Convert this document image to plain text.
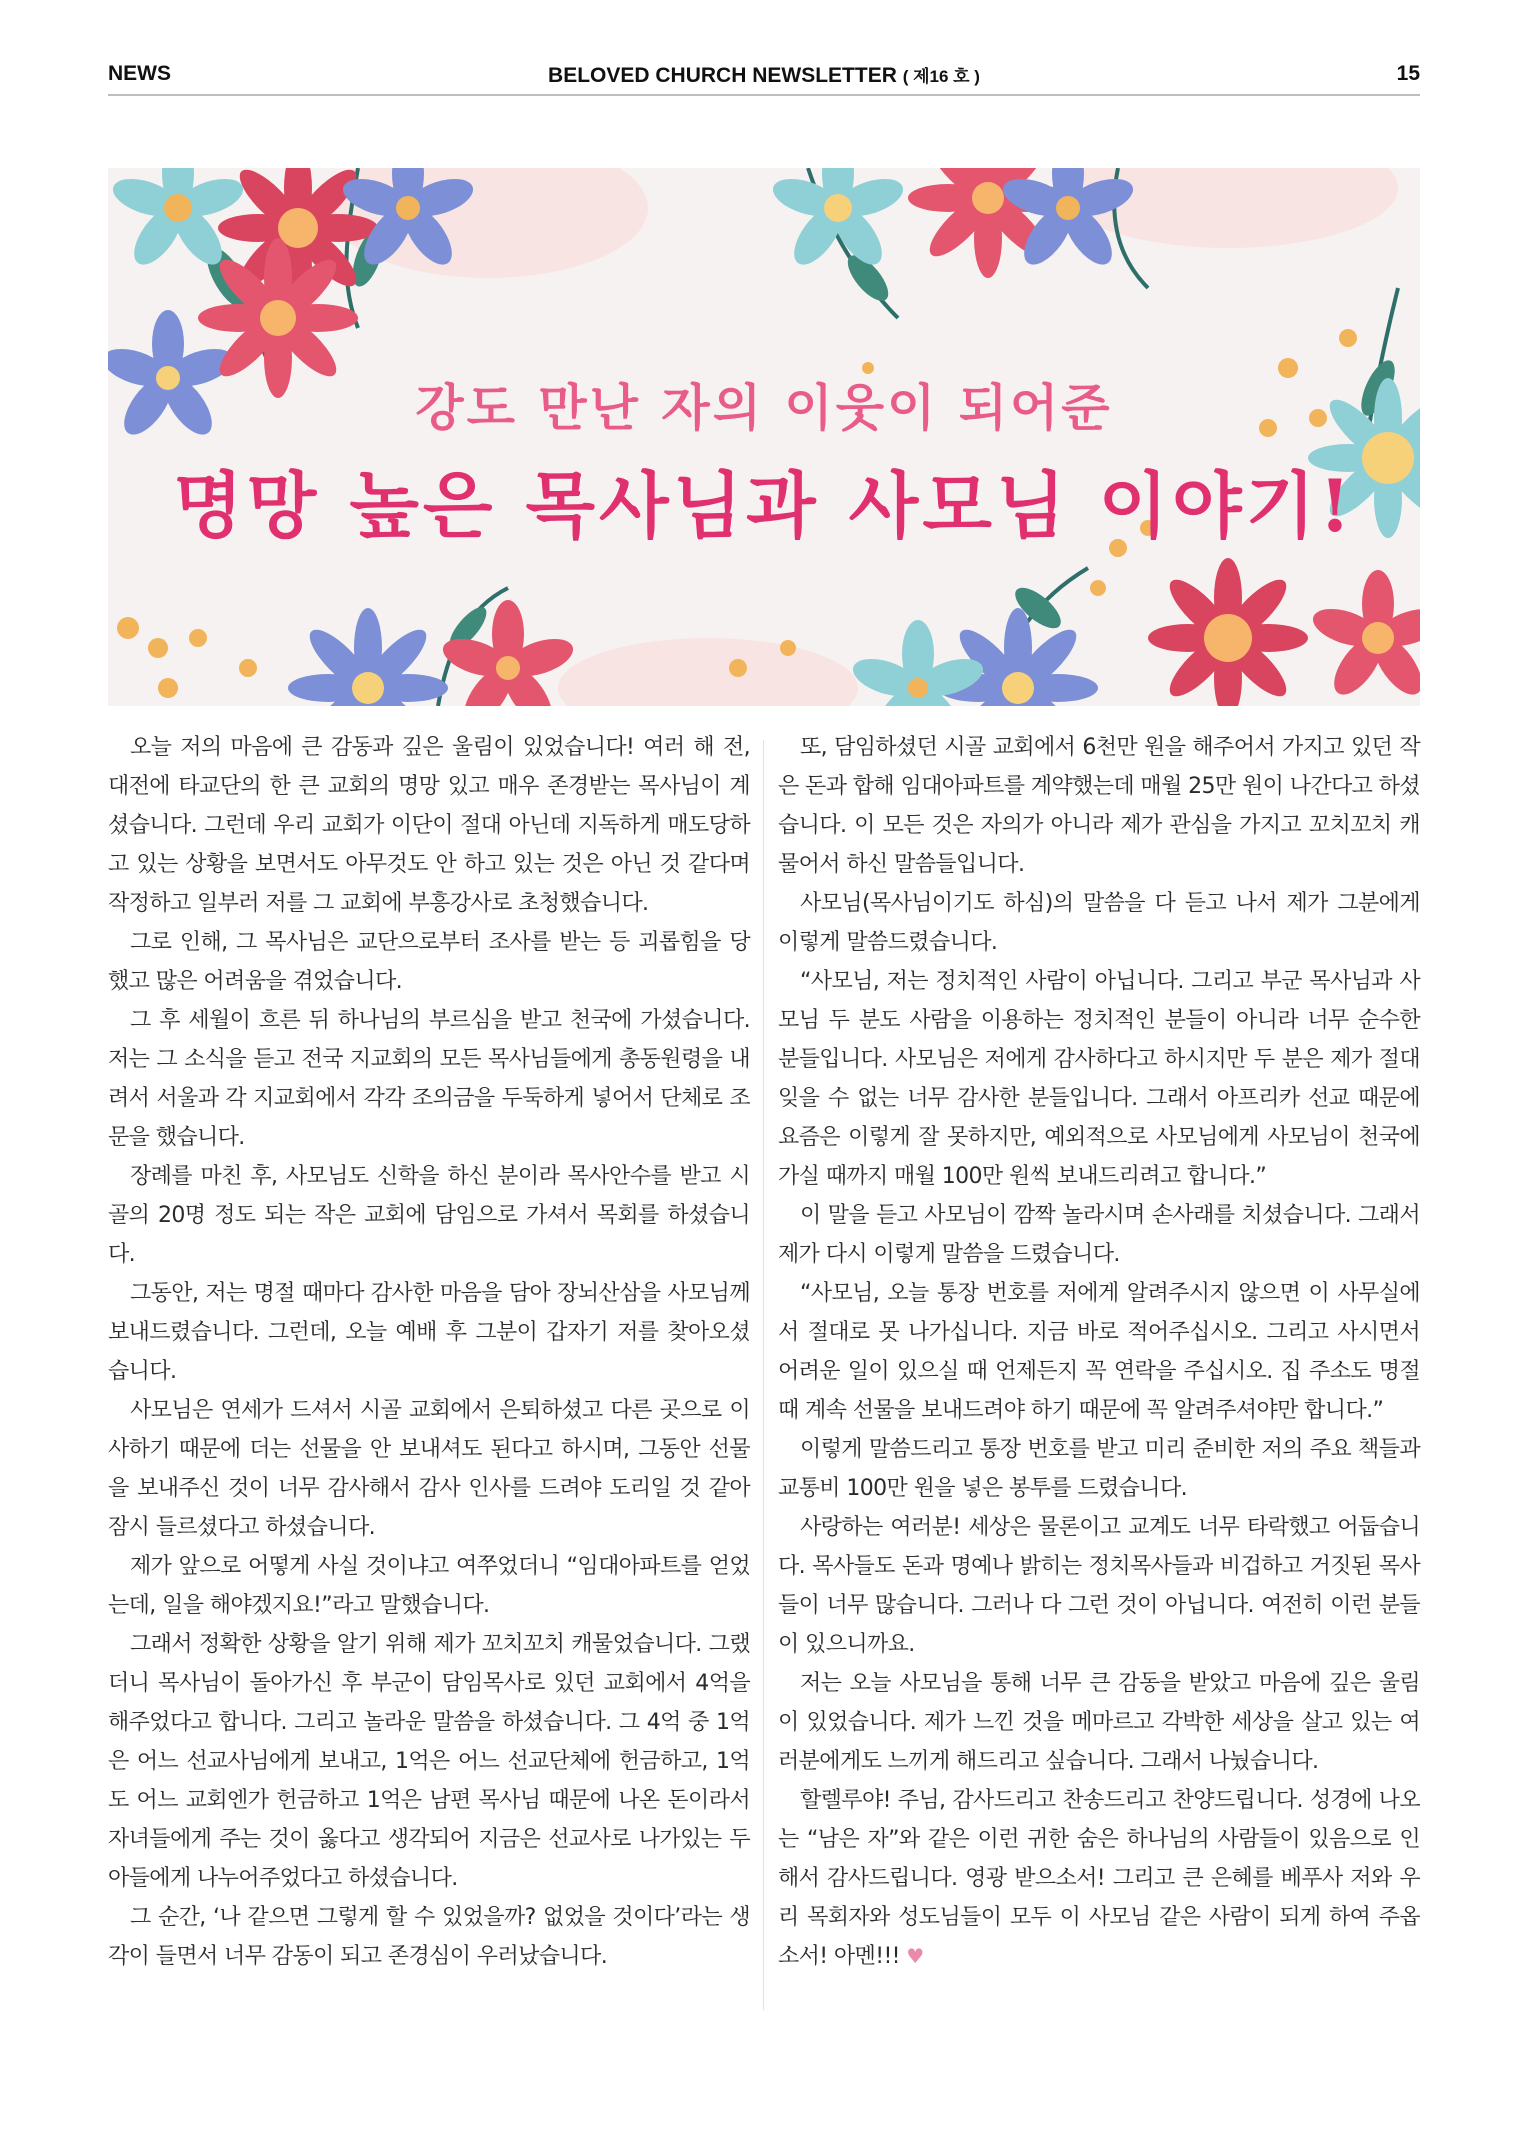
NEWS	BELOVED CHURCH NEWSLETTER ( 제16 호 )	15
강도 만난 자의 이웃이 되어준
명망 높은 목사님과 사모님 이야기!

오늘 저의 마음에 큰 감동과 깊은 울림이 있었습니다! 여러 해 전, 대전에 타교단의 한 큰 교회의 명망 있고 매우 존경받는 목사님이 계셨습니다. 그런데 우리 교회가 이단이 절대 아닌데 지독하게 매도당하고 있는 상황을 보면서도 아무것도 안 하고 있는 것은 아닌 것 같다며 작정하고 일부러 저를 그 교회에 부흥강사로 초청했습니다.

그로 인해, 그 목사님은 교단으로부터 조사를 받는 등 괴롭힘을 당했고 많은 어려움을 겪었습니다.

그 후 세월이 흐른 뒤 하나님의 부르심을 받고 천국에 가셨습니다. 저는 그 소식을 듣고 전국 지교회의 모든 목사님들에게 총동원령을 내려서 서울과 각 지교회에서 각각 조의금을 두둑하게 넣어서 단체로 조문을 했습니다.

장례를 마친 후, 사모님도 신학을 하신 분이라 목사안수를 받고 시골의 20명 정도 되는 작은 교회에 담임으로 가셔서 목회를 하셨습니다.

그동안, 저는 명절 때마다 감사한 마음을 담아 장뇌산삼을 사모님께 보내드렸습니다. 그런데, 오늘 예배 후 그분이 갑자기 저를 찾아오셨습니다.

사모님은 연세가 드셔서 시골 교회에서 은퇴하셨고 다른 곳으로 이사하기 때문에 더는 선물을 안 보내셔도 된다고 하시며, 그동안 선물을 보내주신 것이 너무 감사해서 감사 인사를 드려야 도리일 것 같아 잠시 들르셨다고 하셨습니다.

제가 앞으로 어떻게 사실 것이냐고 여쭈었더니 “임대아파트를 얻었는데, 일을 해야겠지요!”라고 말했습니다.

그래서 정확한 상황을 알기 위해 제가 꼬치꼬치 캐물었습니다. 그랬더니 목사님이 돌아가신 후 부군이 담임목사로 있던 교회에서 4억을 해주었다고 합니다. 그리고 놀라운 말씀을 하셨습니다. 그 4억 중 1억은 어느 선교사님에게 보내고, 1억은 어느 선교단체에 헌금하고, 1억도 어느 교회엔가 헌금하고 1억은 남편 목사님 때문에 나온 돈이라서 자녀들에게 주는 것이 옳다고 생각되어 지금은 선교사로 나가있는 두 아들에게 나누어주었다고 하셨습니다.

그 순간, ‘나 같으면 그렇게 할 수 있었을까? 없었을 것이다’라는 생각이 들면서 너무 감동이 되고 존경심이 우러났습니다.

또, 담임하셨던 시골 교회에서 6천만 원을 해주어서 가지고 있던 작은 돈과 합해 임대아파트를 계약했는데 매월 25만 원이 나간다고 하셨습니다. 이 모든 것은 자의가 아니라 제가 관심을 가지고 꼬치꼬치 캐물어서 하신 말씀들입니다.

사모님(목사님이기도 하심)의 말씀을 다 듣고 나서 제가 그분에게 이렇게 말씀드렸습니다.

“사모님, 저는 정치적인 사람이 아닙니다. 그리고 부군 목사님과 사모님 두 분도 사람을 이용하는 정치적인 분들이 아니라 너무 순수한 분들입니다. 사모님은 저에게 감사하다고 하시지만 두 분은 제가 절대 잊을 수 없는 너무 감사한 분들입니다. 그래서 아프리카 선교 때문에 요즘은 이렇게 잘 못하지만, 예외적으로 사모님에게 사모님이 천국에 가실 때까지 매월 100만 원씩 보내드리려고 합니다.”

이 말을 듣고 사모님이 깜짝 놀라시며 손사래를 치셨습니다. 그래서 제가 다시 이렇게 말씀을 드렸습니다.

“사모님, 오늘 통장 번호를 저에게 알려주시지 않으면 이 사무실에서 절대로 못 나가십니다. 지금 바로 적어주십시오. 그리고 사시면서 어려운 일이 있으실 때 언제든지 꼭 연락을 주십시오. 집 주소도 명절 때 계속 선물을 보내드려야 하기 때문에 꼭 알려주셔야만 합니다.”

이렇게 말씀드리고 통장 번호를 받고 미리 준비한 저의 주요 책들과 교통비 100만 원을 넣은 봉투를 드렸습니다.

사랑하는 여러분! 세상은 물론이고 교계도 너무 타락했고 어둡습니다. 목사들도 돈과 명예나 밝히는 정치목사들과 비겁하고 거짓된 목사들이 너무 많습니다. 그러나 다 그런 것이 아닙니다. 여전히 이런 분들이 있으니까요.

저는 오늘 사모님을 통해 너무 큰 감동을 받았고 마음에 깊은 울림이 있었습니다. 제가 느낀 것을 메마르고 각박한 세상을 살고 있는 여러분에게도 느끼게 해드리고 싶습니다. 그래서 나눴습니다.

할렐루야! 주님, 감사드리고 찬송드리고 찬양드립니다. 성경에 나오는 “남은 자”와 같은 이런 귀한 숨은 하나님의 사람들이 있음으로 인해서 감사드립니다. 영광 받으소서! 그리고 큰 은혜를 베푸사 저와 우리 목회자와 성도님들이 모두 이 사모님 같은 사람이 되게 하여 주옵소서! 아멘!!! ♥
